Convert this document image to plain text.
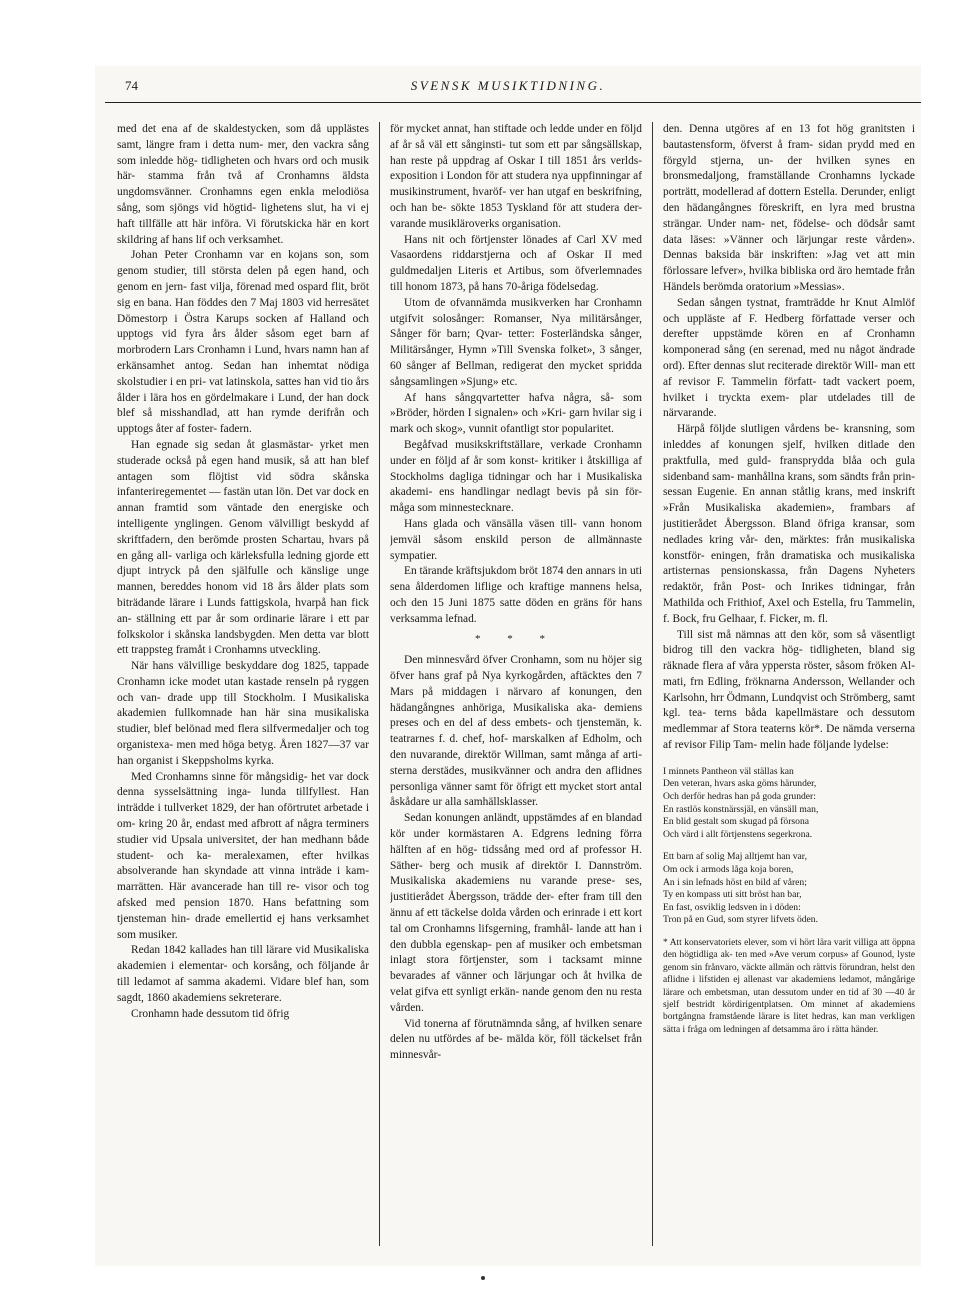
74	SVENSK MUSIKTIDNING.

med det ena af de skaldestycken, som då upplästes samt, längre fram i detta num- mer, den vackra sång som inledde hög- tidligheten och hvars ord och musik här- stamma från två af Cronhamns äldsta ungdomsvänner. Cronhamns egen enkla melodiösa sång, som sjöngs vid högtid- lighetens slut, ha vi ej haft tillfälle att här införa. Vi förutskicka här en kort skildring af hans lif och verksamhet.

Johan Peter Cronhamn var en kojans son, som genom studier, till största delen på egen hand, och genom en jern- fast vilja, förenad med ospard flit, bröt sig en bana. Han föddes den 7 Maj 1803 vid herresätet Dömestorp i Östra Karups socken af Halland och upptogs vid fyra års ålder såsom eget barn af morbrodern Lars Cronhamn i Lund, hvars namn han af erkänsamhet antog. Sedan han inhemtat nödiga skolstudier i en pri- vat latinskola, sattes han vid tio års ålder i lära hos en gördelmakare i Lund, der han dock blef så misshandlad, att han rymde derifrån och upptogs åter af foster- fadern.

Han egnade sig sedan åt glasmästar- yrket men studerade också på egen hand musik, så att han blef antagen som flöjtist vid södra skånska infanteriregementet — fastän utan lön. Det var dock en annan framtid som väntade den energiske och intelligente ynglingen. Genom välvilligt beskydd af skriftfadern, den berömde prosten Schartau, hvars på en gång all- varliga och kärleksfulla ledning gjorde ett djupt intryck på den själfulle och känslige unge mannen, bereddes honom vid 18 års ålder plats som biträdande lärare i Lunds fattigskola, hvarpå han fick an- ställning ett par år som ordinarie lärare i ett par folkskolor i skånska landsbygden. Men detta var blott ett trappsteg framåt i Cronhamns utveckling.

När hans välvillige beskyddare dog 1825, tappade Cronhamn icke modet utan kastade renseln på ryggen och van- drade upp till Stockholm. I Musikaliska akademien fullkomnade han här sina musikaliska studier, blef belönad med flera silfvermedaljer och tog organistexa- men med höga betyg. Åren 1827—37 var han organist i Skeppsholms kyrka.

Med Cronhamns sinne för mångsidig- het var dock denna sysselsättning inga- lunda tillfyllest. Han inträdde i tullverket 1829, der han oförtrutet arbetade i om- kring 20 år, endast med afbrott af några terminers studier vid Upsala universitet, der han medhann både student- och ka- meralexamen, efter hvilkas absolverande han skyndade att vinna inträde i kam- marrätten. Här avancerade han till re- visor och tog afsked med pension 1870. Hans befattning som tjensteman hin- drade emellertid ej hans verksamhet som musiker.

Redan 1842 kallades han till lärare vid Musikaliska akademien i elementar- och korsång, och följande år till ledamot af samma akademi. Vidare blef han, som sagdt, 1860 akademiens sekreterare.

Cronhamn hade dessutom tid öfrig

för mycket annat, han stiftade och ledde under en följd af år så väl ett sånginsti- tut som ett par sångsällskap, han reste på uppdrag af Oskar I till 1851 års verlds- exposition i London för att studera nya uppfinningar af musikinstrument, hvaröf- ver han utgaf en beskrifning, och han be- sökte 1853 Tyskland för att studera der- varande musikläroverks organisation.

Hans nit och förtjenster lönades af Carl XV med Vasaordens riddarstjerna och af Oskar II med guldmedaljen Literis et Artibus, som öfverlemnades till honom 1873, på hans 70-åriga födelsedag.

Utom de ofvannämda musikverken har Cronhamn utgifvit solosånger: Romanser, Nya militärsånger, Sånger för barn; Qvar- tetter: Fosterländska sånger, Militärsånger, Hymn »Till Svenska folket», 3 sånger, 60 sånger af Bellman, redigerat den mycket spridda sångsamlingen »Sjung» etc.

Af hans sångqvartetter hafva några, så- som »Bröder, hörden I signalen» och »Kri- garn hvilar sig i mark och skog», vunnit ofantligt stor popularitet.

Begåfvad musikskriftställare, verkade Cronhamn under en följd af år som konst- kritiker i åtskilliga af Stockholms dagliga tidningar och har i Musikaliska akademi- ens handlingar nedlagt bevis på sin för- måga som minnestecknare.

Hans glada och vänsälla väsen till- vann honom jemväl såsom enskild person de allmännaste sympatier.

En tärande kräftsjukdom bröt 1874 den annars in uti sena ålderdomen liflige och kraftige mannens helsa, och den 15 Juni 1875 satte döden en gräns för hans verksamma lefnad.

* * *

Den minnesvård öfver Cronhamn, som nu höjer sig öfver hans graf på Nya kyrkogården, aftäcktes den 7 Mars på middagen i närvaro af konungen, den hädangångnes anhöriga, Musikaliska aka- demiens preses och en del af dess embets- och tjenstemän, k. teatrarnes f. d. chef, hof- marskalken af Edholm, och den nuvarande, direktör Willman, samt många af arti- sterna derstädes, musikvänner och andra den aflidnes personliga vänner samt för öfrigt ett mycket stort antal åskådare ur alla samhällsklasser.

Sedan konungen anländt, uppstämdes af en blandad kör under kormästaren A. Edgrens ledning förra hälften af en hög- tidssång med ord af professor H. Säther- berg och musik af direktör I. Dannström. Musikaliska akademiens nu varande prese- ses, justitierådet Åbergsson, trädde der- efter fram till den ännu af ett täckelse dolda vården och erinrade i ett kort tal om Cronhamns lifsgerning, framhål- lande att han i den dubbla egenskap- pen af musiker och embetsman inlagt stora förtjenster, som i tacksamt minne bevarades af vänner och lärjungar och åt hvilka de velat gifva ett synligt erkän- nande genom den nu resta vården.

Vid tonerna af förutnämnda sång, af hvilken senare delen nu utfördes af be- mälda kör, föll täckelset från minnesvår-

den. Denna utgöres af en 13 fot hög granitsten i bautastensform, öfverst å fram- sidan prydd med en förgyld stjerna, un- der hvilken synes en bronsmedaljong, framställande Cronhamns lyckade porträtt, modellerad af dottern Estella. Derunder, enligt den hädangångnes föreskrift, en lyra med brustna strängar. Under nam- net, födelse- och dödsår samt data läses: »Vänner och lärjungar reste vården». Dennas baksida bär inskriften: »Jag vet att min förlossare lefver», hvilka bibliska ord äro hemtade från Händels berömda oratorium »Messias».

Sedan sången tystnat, framträdde hr Knut Almlöf och uppläste af F. Hedberg författade verser och derefter uppstämde kören en af Cronhamn komponerad sång (en serenad, med nu något ändrade ord). Efter dennas slut reciterade direktör Will- man ett af revisor F. Tammelin författ- tadt vackert poem, hvilket i tryckta exem- plar utdelades till de närvarande.

Härpå följde slutligen vårdens be- kransning, som inleddes af konungen sjelf, hvilken ditlade den praktfulla, med guld- franspryddа blåa och gula sidenband sam- manhållna krans, som sändts från prin- sessan Eugenie. En annan ståtlig krans, med inskrift »Från Musikaliska akademien», frambars af justitierådet Åbergsson. Bland öfriga kransar, som nedlades kring vår- den, märktes: från musikaliska konstför- eningen, från dramatiska och musikaliska artisternas pensionskassa, från Dagens Nyheters redaktör, från Post- och Inrikes tidningar, från Mathilda och Frithiof, Axel och Estella, fru Tammelin, f. Bock, fru Gelhaar, f. Ficker, m. fl.

Till sist må nämnas att den kör, som så väsentligt bidrog till den vackra hög- tidligheten, bland sig räknade flera af våra yppersta röster, såsom fröken Al- mati, frn Edling, fröknarna Andersson, Wellander och Karlsohn, hrr Ödmann, Lundqvist och Strömberg, samt kgl. tea- terns båda kapellmästare och dessutom medlemmar af Stora teaterns kör*. De nämda verserna af revisor Filip Tam- melin hade följande lydelse:

I minnets Pantheon väl ställas kan
Den veteran, hvars aska göms härunder,
Och derför hedras han på goda grunder:
En rastlös konstnärssjäl, en vänsäll man,
En blid gestalt som skugad på försona
Och värd i allt förtjenstens segerkrona.
Ett barn af solig Maj alltjemt han var,
Om ock i armods låga koja boren,
An i sin lefnads höst en bild af våren;
Ty en kompass uti sitt bröst han bar,
En fast, osviklig ledsven in i döden:
Tron på en Gud, som styrer lifvets öden.
* Att konservatoriets elever, som vi hört lära varit villiga att öppna den högtidliga ak- ten med »Ave verum corpus» af Gounod, lyste genom sin frånvaro, väckte allmän och rättvis förundran, helst den aflidne i lifstiden ej allenast var akademiens ledamot, mångårige lärare och embetsman, utan dessutom under en tid af 30 —40 år sjelf bestridt kördirigentplatsen. Om minnet af akademiens bortgångna framstående lärare is litet hedras, kan man verkligen sätta i fråga om ledningen af detsamma äro i rätta händer.
